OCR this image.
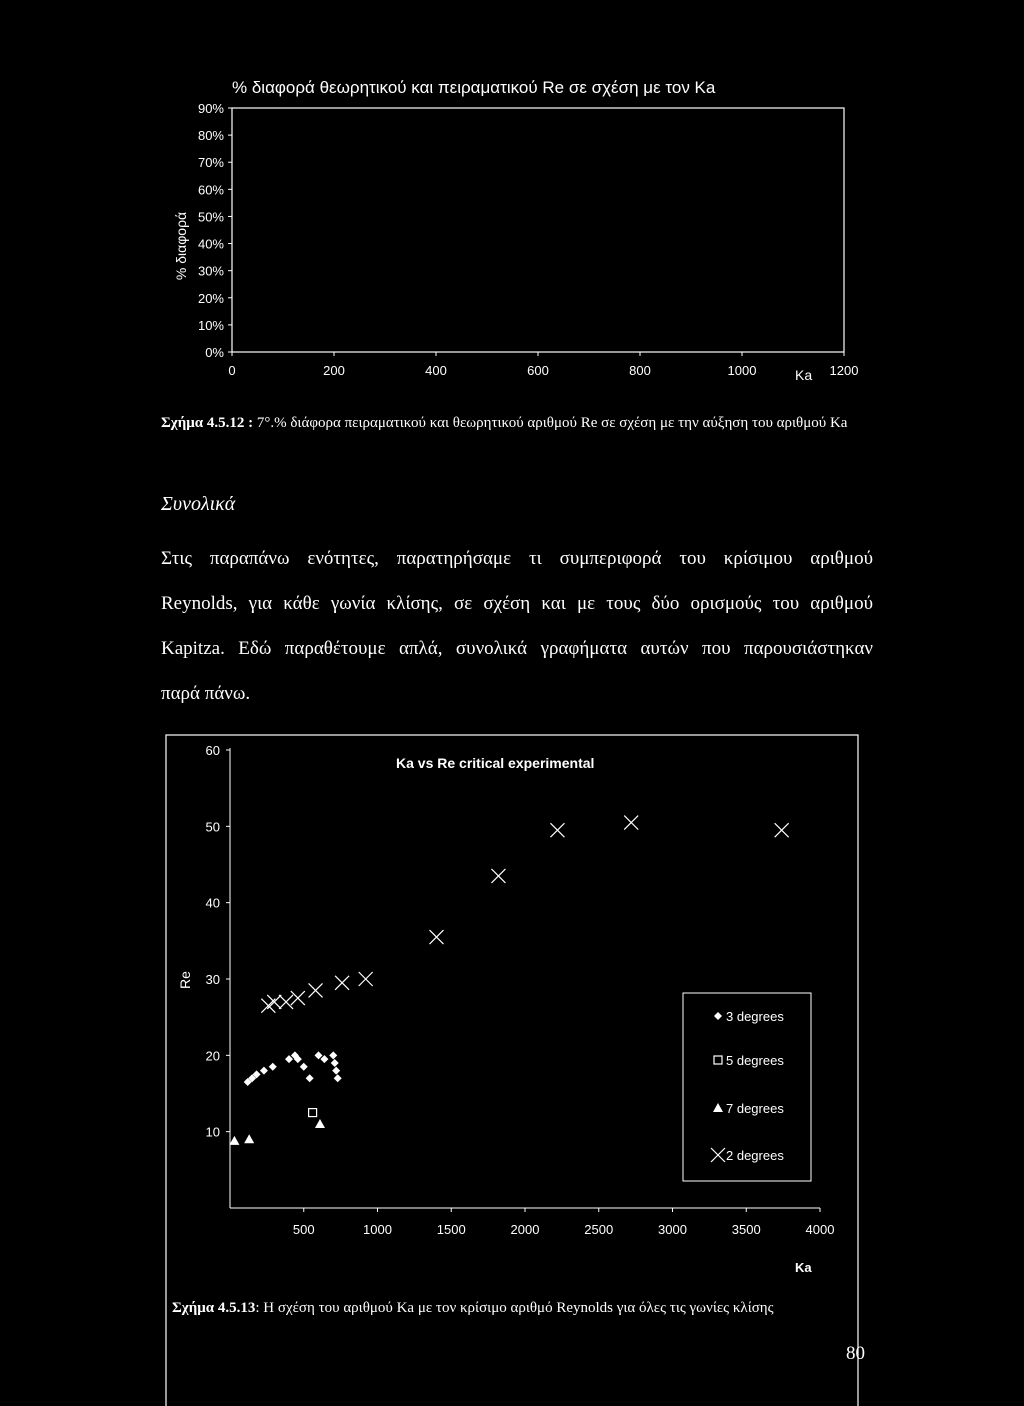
% διαφορά θεωρητικού και πειραματικού Re σε σχέση με τον Ka
% διαφορά
0%
10%
20%
30%
40%
50%
60%
70%
80%
90%
0	200	400	600	800	1000	1200
Ka
Σχήμα 4.5.12 : 7°.% διάφορα πειραματικού και θεωρητικού αριθμού Re σε σχέση με την αύξηση του αριθμού Ka
Συνολικά
Στις παραπάνω ενότητες, παρατηρήσαμε τι συμπεριφορά του κρίσιμου αριθμού
Reynolds, για κάθε γωνία κλίσης, σε σχέση και με τους δύο ορισμούς του αριθμού
Kapitza. Εδώ παραθέτουμε απλά, συνολικά γραφήματα αυτών που παρουσιάστηκαν
παρά πάνω.
Ka vs Re critical experimental
Re
Ka
10
20
30
40
50
60
500	1000	1500	2000	2500	3000	3500	4000
3 degrees
5 degrees
7 degrees
2 degrees
Σχήμα 4.5.13: Η σχέση του αριθμού Ka με τον κρίσιμο αριθμό Reynolds για όλες τις γωνίες κλίσης
80
